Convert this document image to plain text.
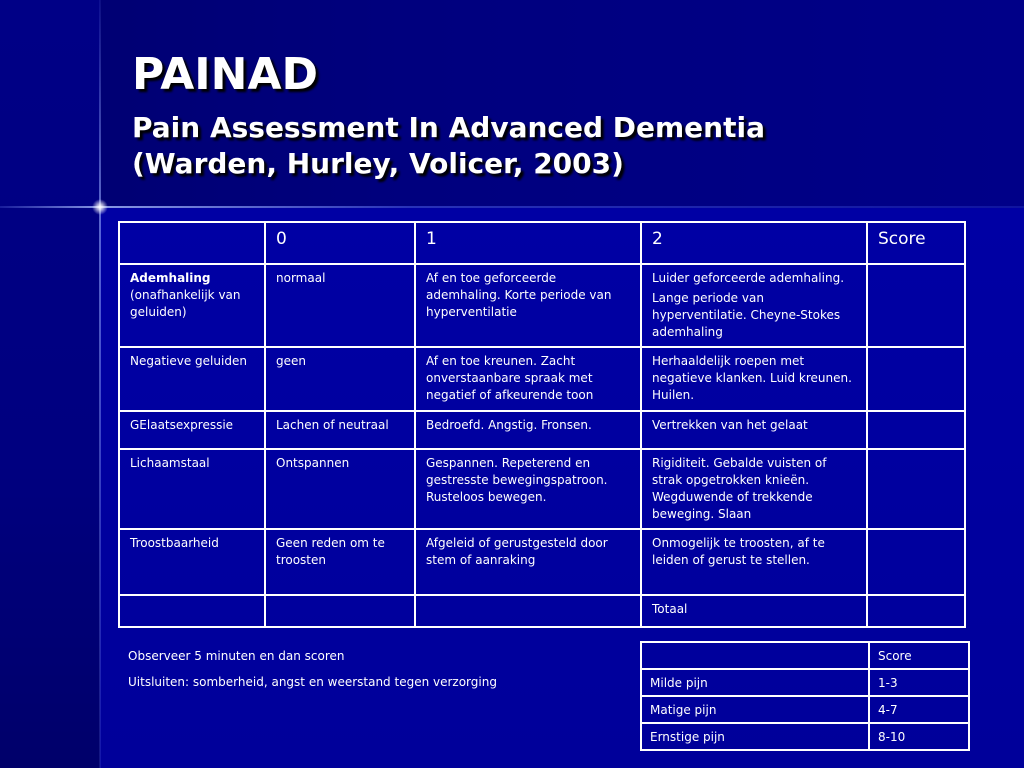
PAINAD
Pain Assessment In Advanced Dementia
(Warden, Hurley, Volicer, 2003)
	0	1	2	Score
Ademhaling (onafhankelijk van geluiden)	normaal	Af en toe geforceerde ademhaling. Korte periode van hyperventilatie	Luider geforceerde ademhaling.

Lange periode van hyperventilatie. Cheyne-Stokes ademhaling	

Negatieve geluiden	geen	Af en toe kreunen. Zacht onverstaanbare spraak met negatief of afkeurende toon	Herhaaldelijk roepen met negatieve klanken. Luid kreunen. Huilen.	
GElaatsexpressie	Lachen of neutraal	Bedroefd. Angstig. Fronsen.	Vertrekken van het gelaat	
Lichaamstaal	Ontspannen	Gespannen. Repeterend en gestresste bewegingspatroon. Rusteloos bewegen.	Rigiditeit. Gebalde vuisten of strak opgetrokken knieën. Wegduwende of trekkende beweging. Slaan	
Troostbaarheid	Geen reden om te troosten	Afgeleid of gerustgesteld door stem of aanraking	Onmogelijk te troosten, af te leiden of gerust te stellen.	
			Totaal	
Observeer 5 minuten en dan scoren
Uitsluiten: somberheid, angst en weerstand tegen verzorging
	Score
Milde pijn	1-3
Matige pijn	4-7
Ernstige pijn	8-10
